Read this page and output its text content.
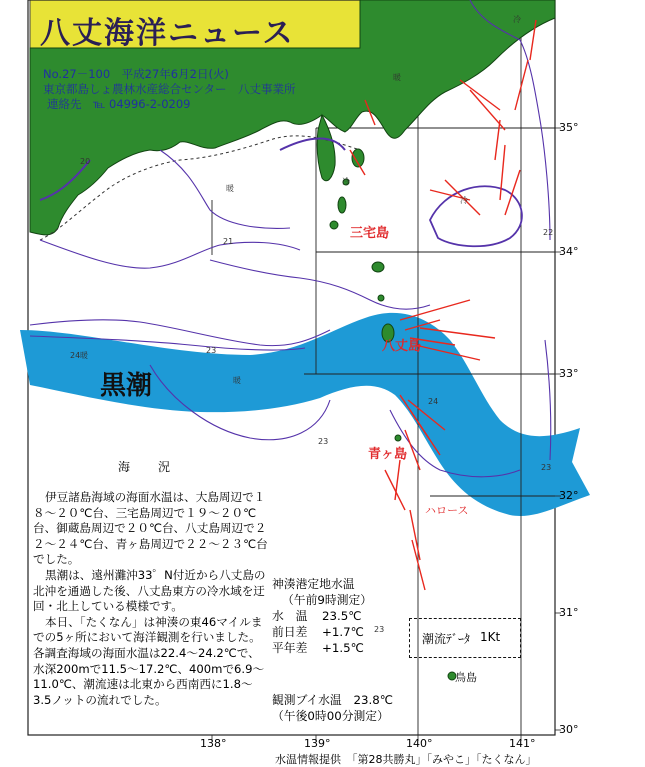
八丈海洋ニュース
No.27－100　平成27年6月2日(火)
東京都島しょ農林水産総合センター　八丈事業所
連絡先　℡ 04996-2-0209
黒潮
三宅島
八丈島
青ヶ島
ハロース
鳥島
暖
暖
暖
暖
冷
冷
冷
20
21
22
23
24
23
23
24
138°	139°	140°	141°
35°
34°
33°
32°
31°
30°
海　況

伊豆諸島海域の海面水温は、大島周辺で１８～２０℃台、三宅島周辺で１９～２０℃台、御蔵島周辺で２０℃台、八丈島周辺で２２～２４℃台、青ヶ島周辺で２２～２３℃台でした。

黒潮は、遠州灘沖33゜N付近から八丈島の北沖を通過した後、八丈島東方の冷水域を迂回・北上している模様です。

本日、「たくなん」は神湊の東46マイルまでの5ヶ所において海洋観測を行いました。各調査海域の海面水温は22.4～24.2℃で、水深200mで11.5～17.2℃、400mで6.9～11.0℃、潮流速は北東から西南西に1.8～3.5ノットの流れでした。

神湊港定地水温
（午前9時測定）
水　温 23.5℃
前日差 +1.7℃
平年差 +1.5℃
潮流ﾃﾞｰﾀ 1Kt
23
観測ブイ水温　23.8℃
（午後0時00分測定）
水温情報提供　「第28共勝丸」「みやこ」「たくなん」
